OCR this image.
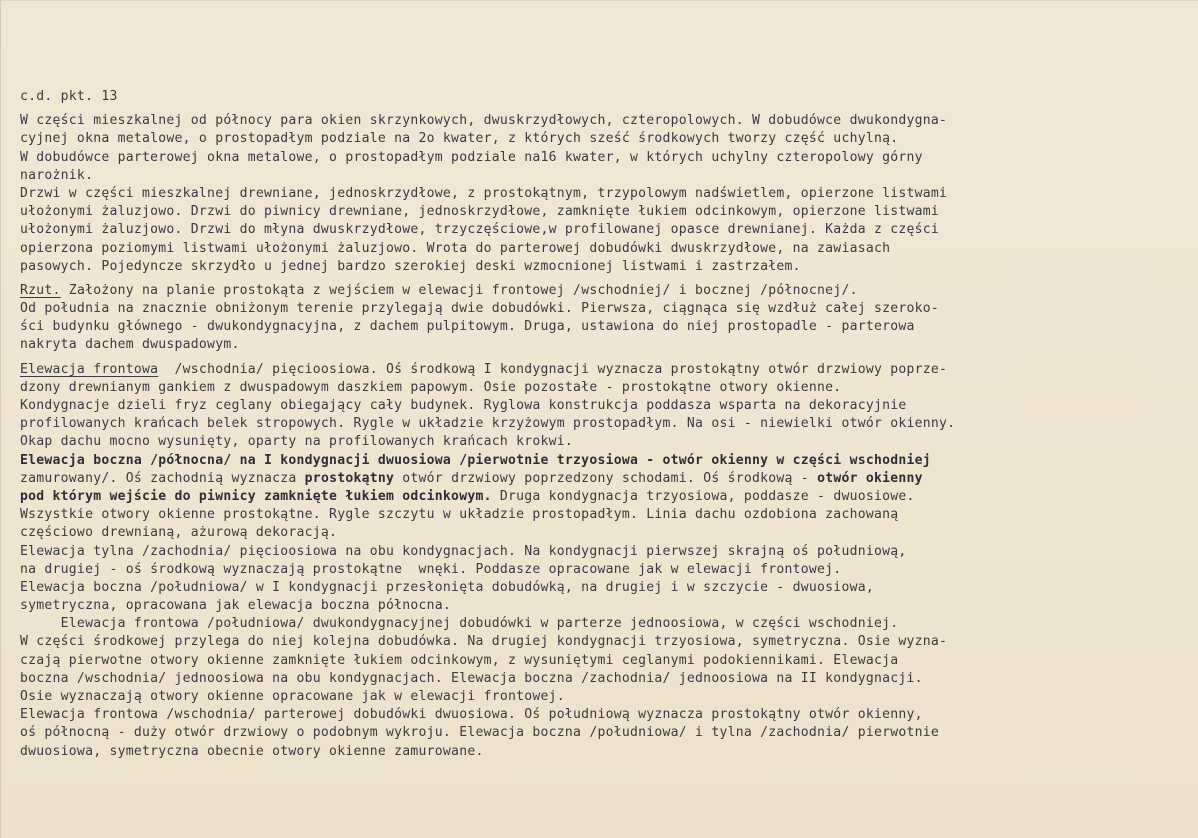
c.d. pkt. 13
W części mieszkalnej od północy para okien skrzynkowych, dwuskrzydłowych, czteropolowych. W dobudówce dwukondygna-
cyjnej okna metalowe, o prostopadłym podziale na 2o kwater, z których sześć środkowych tworzy część uchylną.
W dobudówce parterowej okna metalowe, o prostopadłym podziale na16 kwater, w których uchylny czteropolowy górny
narożnik.
Drzwi w części mieszkalnej drewniane, jednoskrzydłowe, z prostokątnym, trzypolowym nadświetlem, opierzone listwami
ułożonymi żaluzjowo. Drzwi do piwnicy drewniane, jednoskrzydłowe, zamknięte łukiem odcinkowym, opierzone listwami
ułożonymi żaluzjowo. Drzwi do młyna dwuskrzydłowe, trzyczęściowe,w profilowanej opasce drewnianej. Każda z części
opierzona poziomymi listwami ułożonymi żaluzjowo. Wrota do parterowej dobudówki dwuskrzydłowe, na zawiasach
pasowych. Pojedyncze skrzydło u jednej bardzo szerokiej deski wzmocnionej listwami i zastrzałem.
Rzut. Założony na planie prostokąta z wejściem w elewacji frontowej /wschodniej/ i bocznej /północnej/.
Od południa na znacznie obniżonym terenie przylegają dwie dobudówki. Pierwsza, ciągnąca się wzdłuż całej szeroko-
ści budynku głównego - dwukondygnacyjna, z dachem pulpitowym. Druga, ustawiona do niej prostopadle - parterowa
nakryta dachem dwuspadowym.
Elewacja frontowa  /wschodnia/ pięcioosiowa. Oś środkową I kondygnacji wyznacza prostokątny otwór drzwiowy poprze-
dzony drewnianym gankiem z dwuspadowym daszkiem papowym. Osie pozostałe - prostokątne otwory okienne.
Kondygnacje dzieli fryz ceglany obiegający cały budynek. Ryglowa konstrukcja poddasza wsparta na dekoracyjnie
profilowanych krańcach belek stropowych. Rygle w układzie krzyżowym prostopadłym. Na osi - niewielki otwór okienny.
Okap dachu mocno wysunięty, oparty na profilowanych krańcach krokwi.
Elewacja boczna /północna/ na I kondygnacji dwuosiowa /pierwotnie trzyosiowa - otwór okienny w części wschodniej
zamurowany/. Oś zachodnią wyznacza prostokątny otwór drzwiowy poprzedzony schodami. Oś środkową - otwór okienny
pod którym wejście do piwnicy zamknięte łukiem odcinkowym. Druga kondygnacja trzyosiowa, poddasze - dwuosiowe.
Wszystkie otwory okienne prostokątne. Rygle szczytu w układzie prostopadłym. Linia dachu ozdobiona zachowaną
częściowo drewnianą, ażurową dekoracją.
Elewacja tylna /zachodnia/ pięcioosiowa na obu kondygnacjach. Na kondygnacji pierwszej skrajną oś południową,
na drugiej - oś środkową wyznaczają prostokątne  wnęki. Poddasze opracowane jak w elewacji frontowej.
Elewacja boczna /południowa/ w I kondygnacji przesłonięta dobudówką, na drugiej i w szczycie - dwuosiowa,
symetryczna, opracowana jak elewacja boczna północna.
Elewacja frontowa /południowa/ dwukondygnacyjnej dobudówki w parterze jednoosiowa, w części wschodniej.
W części środkowej przylega do niej kolejna dobudówka. Na drugiej kondygnacji trzyosiowa, symetryczna. Osie wyzna-
czają pierwotne otwory okienne zamknięte łukiem odcinkowym, z wysuniętymi ceglanymi podokiennikami. Elewacja
boczna /wschodnia/ jednoosiowa na obu kondygnacjach. Elewacja boczna /zachodnia/ jednoosiowa na II kondygnacji.
Osie wyznaczają otwory okienne opracowane jak w elewacji frontowej.
Elewacja frontowa /wschodnia/ parterowej dobudówki dwuosiowa. Oś południową wyznacza prostokątny otwór okienny,
oś północną - duży otwór drzwiowy o podobnym wykroju. Elewacja boczna /południowa/ i tylna /zachodnia/ pierwotnie
dwuosiowa, symetryczna obecnie otwory okienne zamurowane.
